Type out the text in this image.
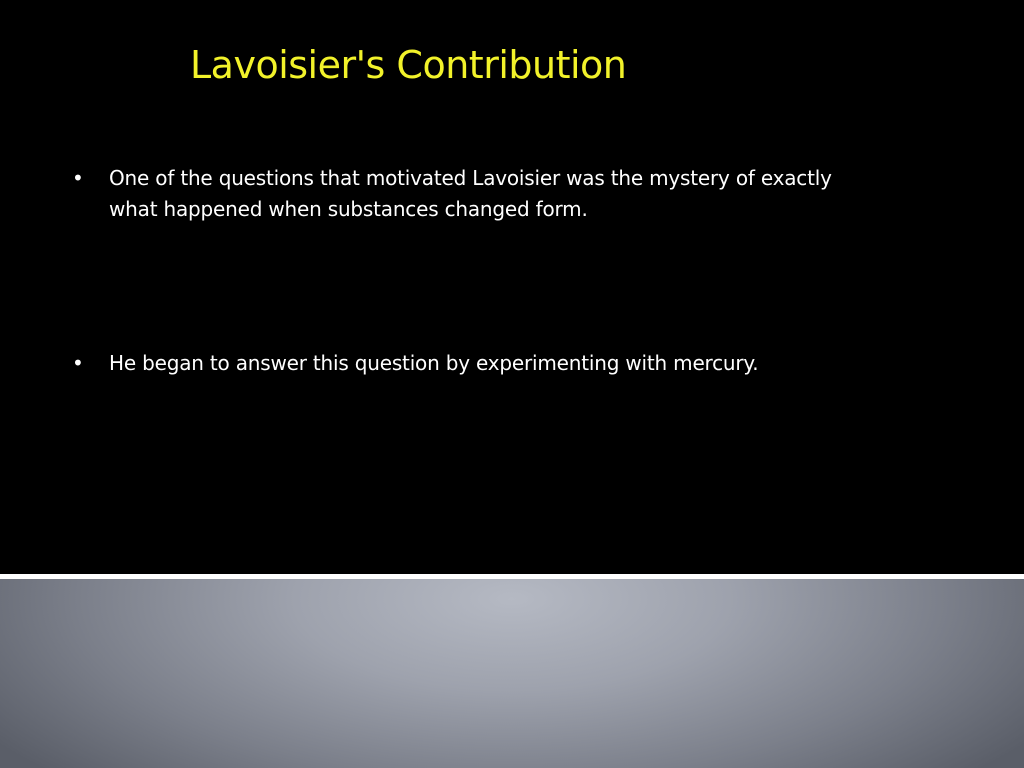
Lavoisier's Contribution
•	One of the questions that motivated Lavoisier was the mystery of exactly what happened when substances changed form.
•	He began to answer this question by experimenting with mercury.
